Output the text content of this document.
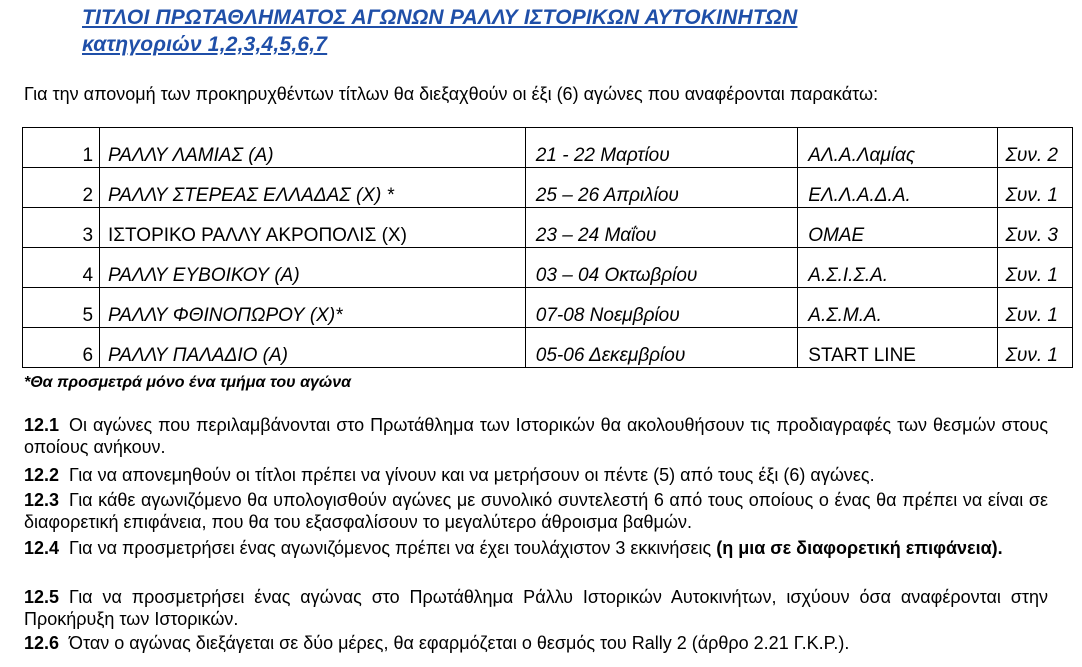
ΤΙΤΛΟΙ ΠΡΩΤΑΘΛΗΜΑΤΟΣ ΑΓΩΝΩΝ ΡΑΛΛΥ ΙΣΤΟΡΙΚΩΝ ΑΥΤΟΚΙΝΗΤΩΝ
κατηγοριών 1,2,3,4,5,6,7
Για την απονομή των προκηρυχθέντων τίτλων θα διεξαχθούν οι έξι (6) αγώνες που αναφέρονται παρακάτω:
1	ΡΑΛΛΥ ΛΑΜΙΑΣ (Α)	21 - 22 Μαρτίου	ΑΛ.Α.Λαμίας	Συν. 2
2	ΡΑΛΛΥ ΣΤΕΡΕΑΣ ΕΛΛΑΔΑΣ (Χ) *	25 – 26 Απριλίου	ΕΛ.Λ.Α.Δ.Α.	Συν. 1
3	ΙΣΤΟΡΙΚΟ ΡΑΛΛΥ ΑΚΡΟΠΟΛΙΣ (Χ)	23 – 24 Μαΐου	ΟΜΑΕ	Συν. 3
4	ΡΑΛΛΥ ΕΥΒΟΙΚΟΥ (Α)	03 – 04 Οκτωβρίου	Α.Σ.Ι.Σ.Α.	Συν. 1
5	ΡΑΛΛΥ ΦΘΙΝΟΠΩΡΟΥ (Χ)*	07-08 Νοεμβρίου	Α.Σ.Μ.Α.	Συν. 1
6	ΡΑΛΛΥ ΠΑΛΑΔΙΟ (Α)	05-06 Δεκεμβρίου	START LINE	Συν. 1
*Θα προσμετρά μόνο ένα τμήμα του αγώνα
12.1 Οι αγώνες που περιλαμβάνονται στο Πρωτάθλημα των Ιστορικών θα ακολουθήσουν τις προδιαγραφές των θεσμών στους οποίους ανήκουν.
12.2 Για να απονεμηθούν οι τίτλοι πρέπει να γίνουν και να μετρήσουν οι πέντε (5) από τους έξι (6) αγώνες.
12.3 Για κάθε αγωνιζόμενο θα υπολογισθούν αγώνες με συνολικό συντελεστή 6 από τους οποίους ο ένας θα πρέπει να είναι σε διαφορετική επιφάνεια, που θα του εξασφαλίσουν το μεγαλύτερο άθροισμα βαθμών.
12.4 Για να προσμετρήσει ένας αγωνιζόμενος πρέπει να έχει τουλάχιστον 3 εκκινήσεις (η μια σε διαφορετική επιφάνεια).
12.5 Για να προσμετρήσει ένας αγώνας στο Πρωτάθλημα Ράλλυ Ιστορικών Αυτοκινήτων, ισχύουν όσα αναφέρονται στην Προκήρυξη των Ιστορικών.
12.6 Όταν ο αγώνας διεξάγεται σε δύο μέρες, θα εφαρμόζεται ο θεσμός του Rally 2 (άρθρο 2.21 Γ.Κ.Ρ.).
